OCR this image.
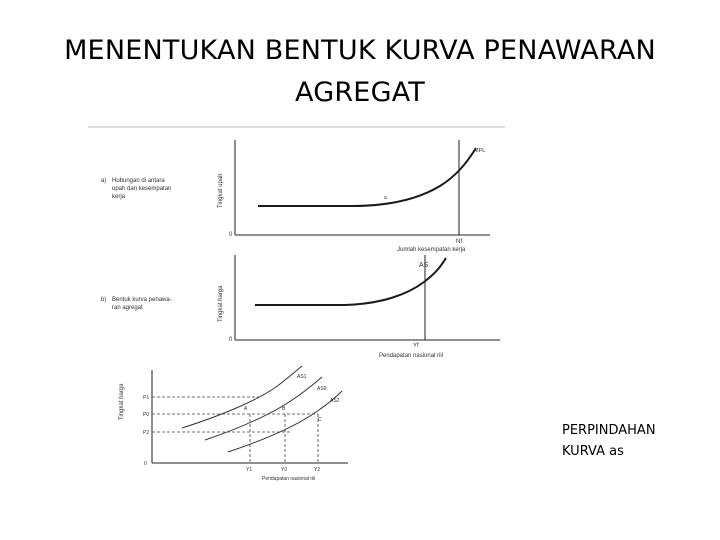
MENENTUKAN BENTUK KURVA PENAWARAN
AGREGAT
a) Hubungan di antara
upah dan kesempatan
kerja	Tingkat upah
0
MPL
a
Nf
Jumlah kesempatan kerja
b) Bentuk kurva penawa-
ran agregat	Tingkat harga
0
AS
Yf
Pendapatan nasional riil
Tingkat harga
0
P1
P0
P2
AS1
AS0
AS2
A	B
C
Y1	Y0	Y2
Pendapatan nasional riil
PERPINDAHAN
KURVA as
